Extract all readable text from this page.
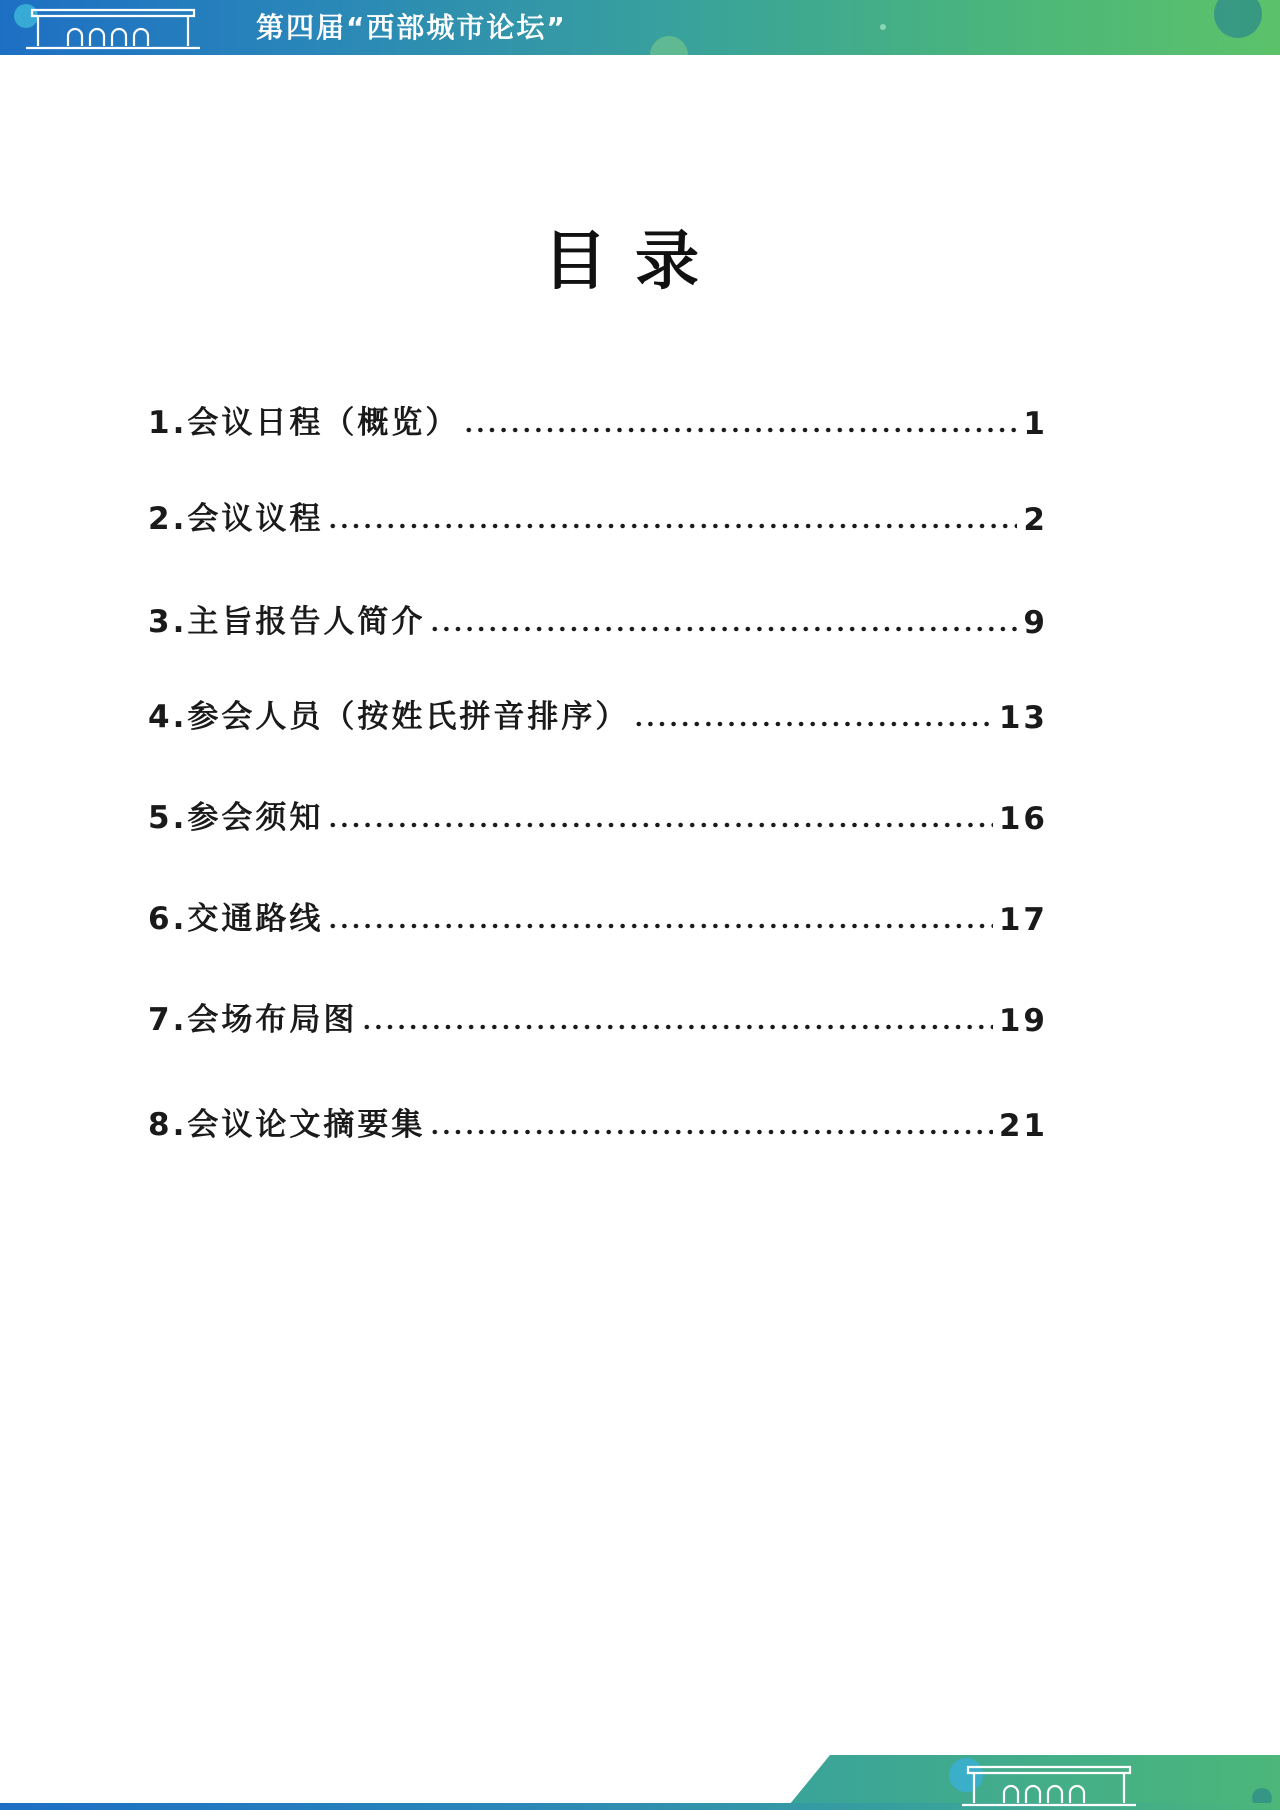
第四届“西部城市论坛”
目录
1.会议日程（概览）	1
2.会议议程	2
3.主旨报告人简介	9
4.参会人员（按姓氏拼音排序）	13
5.参会须知	16
6.交通路线	17
7.会场布局图	19
8.会议论文摘要集	21
